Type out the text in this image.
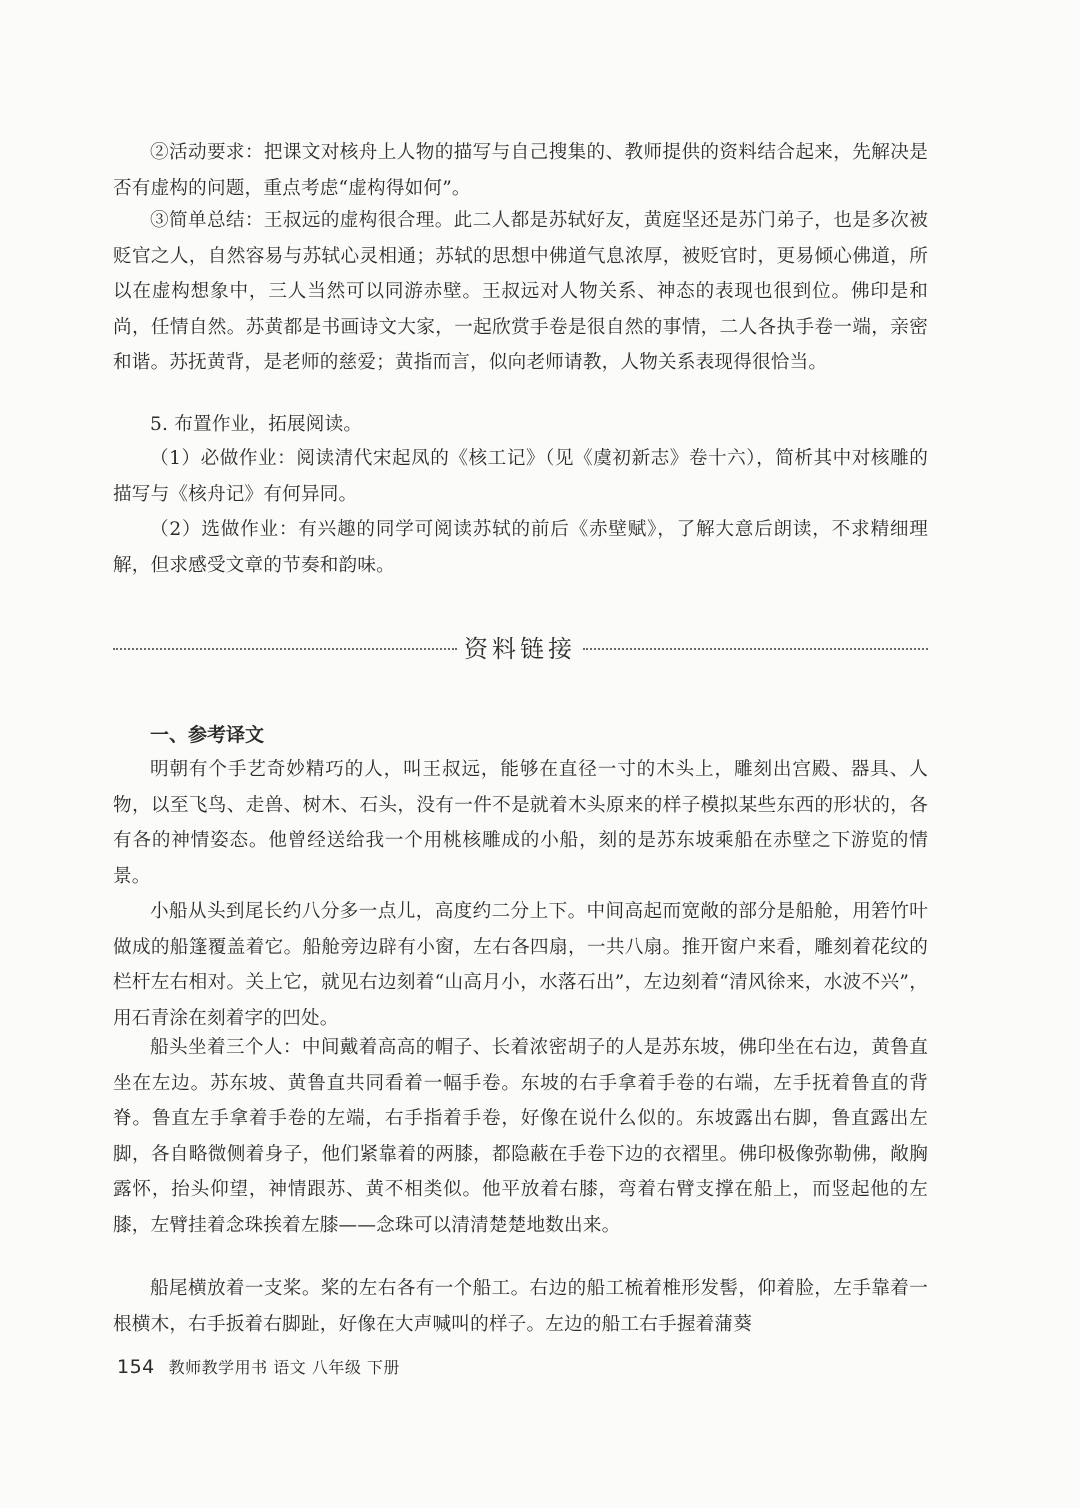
②活动要求：把课文对核舟上人物的描写与自己搜集的、教师提供的资料结合起来，先解决是否有虚构的问题，重点考虑“虚构得如何”。

③简单总结：王叔远的虚构很合理。此二人都是苏轼好友，黄庭坚还是苏门弟子，也是多次被贬官之人，自然容易与苏轼心灵相通；苏轼的思想中佛道气息浓厚，被贬官时，更易倾心佛道，所以在虚构想象中，三人当然可以同游赤壁。王叔远对人物关系、神态的表现也很到位。佛印是和尚，任情自然。苏黄都是书画诗文大家，一起欣赏手卷是很自然的事情，二人各执手卷一端，亲密和谐。苏抚黄背，是老师的慈爱；黄指而言，似向老师请教，人物关系表现得很恰当。

5. 布置作业，拓展阅读。

（1）必做作业：阅读清代宋起凤的《核工记》（见《虞初新志》卷十六），简析其中对核雕的描写与《核舟记》有何异同。

（2）选做作业：有兴趣的同学可阅读苏轼的前后《赤壁赋》，了解大意后朗读，不求精细理解，但求感受文章的节奏和韵味。

资料链接
一、参考译文

明朝有个手艺奇妙精巧的人，叫王叔远，能够在直径一寸的木头上，雕刻出宫殿、器具、人物，以至飞鸟、走兽、树木、石头，没有一件不是就着木头原来的样子模拟某些东西的形状的，各有各的神情姿态。他曾经送给我一个用桃核雕成的小船，刻的是苏东坡乘船在赤壁之下游览的情景。

小船从头到尾长约八分多一点儿，高度约二分上下。中间高起而宽敞的部分是船舱，用箬竹叶做成的船篷覆盖着它。船舱旁边辟有小窗，左右各四扇，一共八扇。推开窗户来看，雕刻着花纹的栏杆左右相对。关上它，就见右边刻着“山高月小，水落石出”，左边刻着“清风徐来，水波不兴”，用石青涂在刻着字的凹处。

船头坐着三个人：中间戴着高高的帽子、长着浓密胡子的人是苏东坡，佛印坐在右边，黄鲁直坐在左边。苏东坡、黄鲁直共同看着一幅手卷。东坡的右手拿着手卷的右端，左手抚着鲁直的背脊。鲁直左手拿着手卷的左端，右手指着手卷，好像在说什么似的。东坡露出右脚，鲁直露出左脚，各自略微侧着身子，他们紧靠着的两膝，都隐蔽在手卷下边的衣褶里。佛印极像弥勒佛，敞胸露怀，抬头仰望，神情跟苏、黄不相类似。他平放着右膝，弯着右臂支撑在船上，而竖起他的左膝，左臂挂着念珠挨着左膝——念珠可以清清楚楚地数出来。

船尾横放着一支桨。桨的左右各有一个船工。右边的船工梳着椎形发髻，仰着脸，左手靠着一根横木，右手扳着右脚趾，好像在大声喊叫的样子。左边的船工右手握着蒲葵

154 教师教学用书 语文 八年级 下册
